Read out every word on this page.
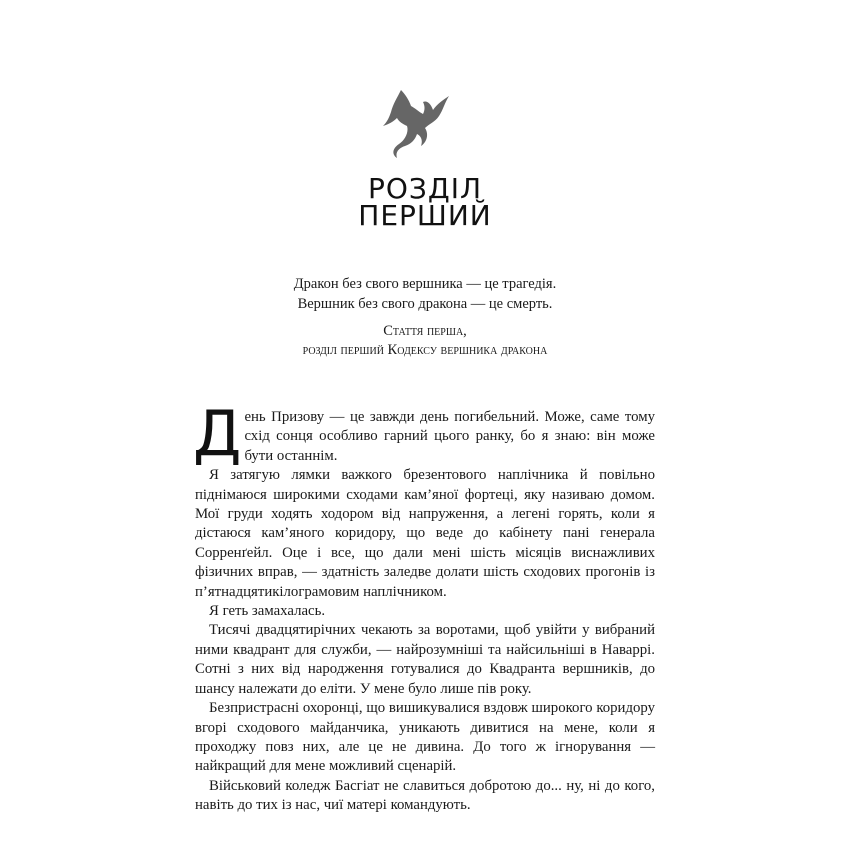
РОЗДІЛ
ПЕРШИЙ
Дракон без свого вершника — це трагедія.
Вершник без свого дракона — це смерть.
Стаття перша,
розділ перший Кодексу вершника дракона

День Призову — це завжди день погибельний. Може, саме тому схід сонця особливо гарний цього ранку, бо я знаю: він може бути останнім.

Я затягую лямки важкого брезентового наплічника й повільно піднімаюся широкими сходами кам’яної фортеці, яку називаю домом. Мої груди ходять ходором від напруження, а легені горять, коли я дістаюся кам’яного коридору, що веде до кабінету пані генерала Сорренґейл. Оце і все, що дали мені шість місяців виснажливих фізичних вправ, — здатність заледве долати шість сходових прогонів із п’ятнадцятикілограмовим наплічником.

Я геть замахалась.

Тисячі двадцятирічних чекають за воротами, щоб увійти у вибраний ними квадрант для служби, — найрозумніші та найсильніші в Наваррі. Сотні з них від народження готувалися до Квадранта вершників, до шансу належати до еліти. У мене було лише пів року.

Безпристрасні охоронці, що вишикувалися вздовж широкого коридору вгорі сходового майданчика, уникають дивитися на мене, коли я проходжу повз них, але це не дивина. До того ж ігнорування — найкращий для мене можливий сценарій.

Військовий коледж Басгіат не славиться добротою до... ну, ні до кого, навіть до тих із нас, чиї матері командують.
